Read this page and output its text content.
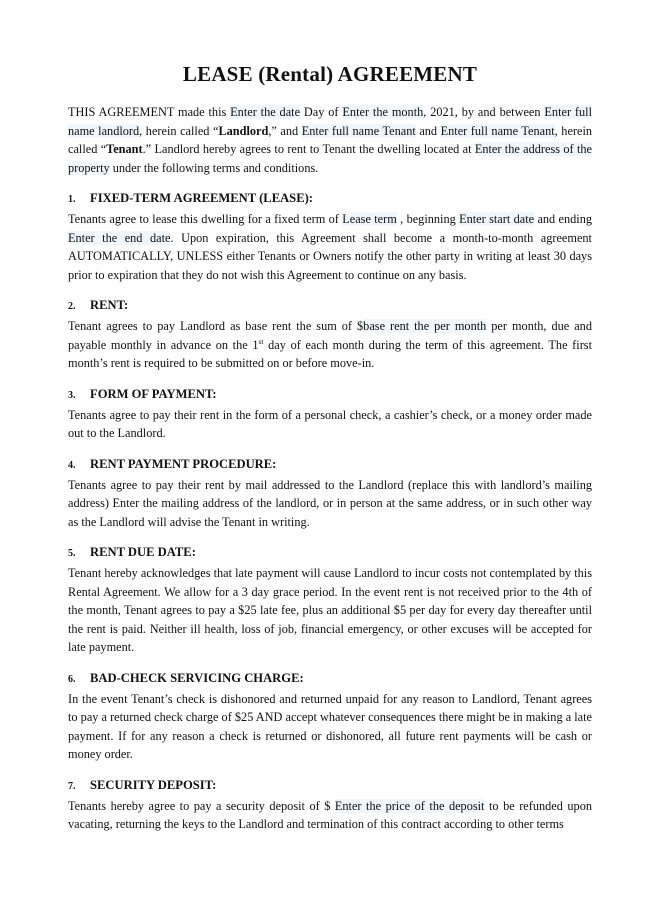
LEASE (Rental) AGREEMENT

THIS AGREEMENT made this Enter the date Day of Enter the month, 2021, by and between Enter full name landlord, herein called “Landlord,” and Enter full name Tenant and Enter full name Tenant, herein called “Tenant.” Landlord hereby agrees to rent to Tenant the dwelling located at Enter the address of the property under the following terms and conditions.

1.	FIXED-TERM AGREEMENT (LEASE):

Tenants agree to lease this dwelling for a fixed term of Lease term , beginning Enter start date and ending Enter the end date. Upon expiration, this Agreement shall become a month-to-month agreement AUTOMATICALLY, UNLESS either Tenants or Owners notify the other party in writing at least 30 days prior to expiration that they do not wish this Agreement to continue on any basis.

2.	RENT:

Tenant agrees to pay Landlord as base rent the sum of $base rent the per month per month, due and payable monthly in advance on the 1st day of each month during the term of this agreement. The first month’s rent is required to be submitted on or before move-in.

3.	FORM OF PAYMENT:

Tenants agree to pay their rent in the form of a personal check, a cashier’s check, or a money order made out to the Landlord.

4.	RENT PAYMENT PROCEDURE:

Tenants agree to pay their rent by mail addressed to the Landlord (replace this with landlord’s mailing address) Enter the mailing address of the landlord, or in person at the same address, or in such other way as the Landlord will advise the Tenant in writing.

5.	RENT DUE DATE:

Tenant hereby acknowledges that late payment will cause Landlord to incur costs not contemplated by this Rental Agreement. We allow for a 3 day grace period. In the event rent is not received prior to the 4th of the month, Tenant agrees to pay a $25 late fee, plus an additional $5 per day for every day thereafter until the rent is paid. Neither ill health, loss of job, financial emergency, or other excuses will be accepted for late payment.

6.	BAD-CHECK SERVICING CHARGE:

In the event Tenant’s check is dishonored and returned unpaid for any reason to Landlord, Tenant agrees to pay a returned check charge of $25 AND accept whatever consequences there might be in making a late payment. If for any reason a check is returned or dishonored, all future rent payments will be cash or money order.

7.	SECURITY DEPOSIT:

Tenants hereby agree to pay a security deposit of $ Enter the price of the deposit to be refunded upon vacating, returning the keys to the Landlord and termination of this contract according to other terms
